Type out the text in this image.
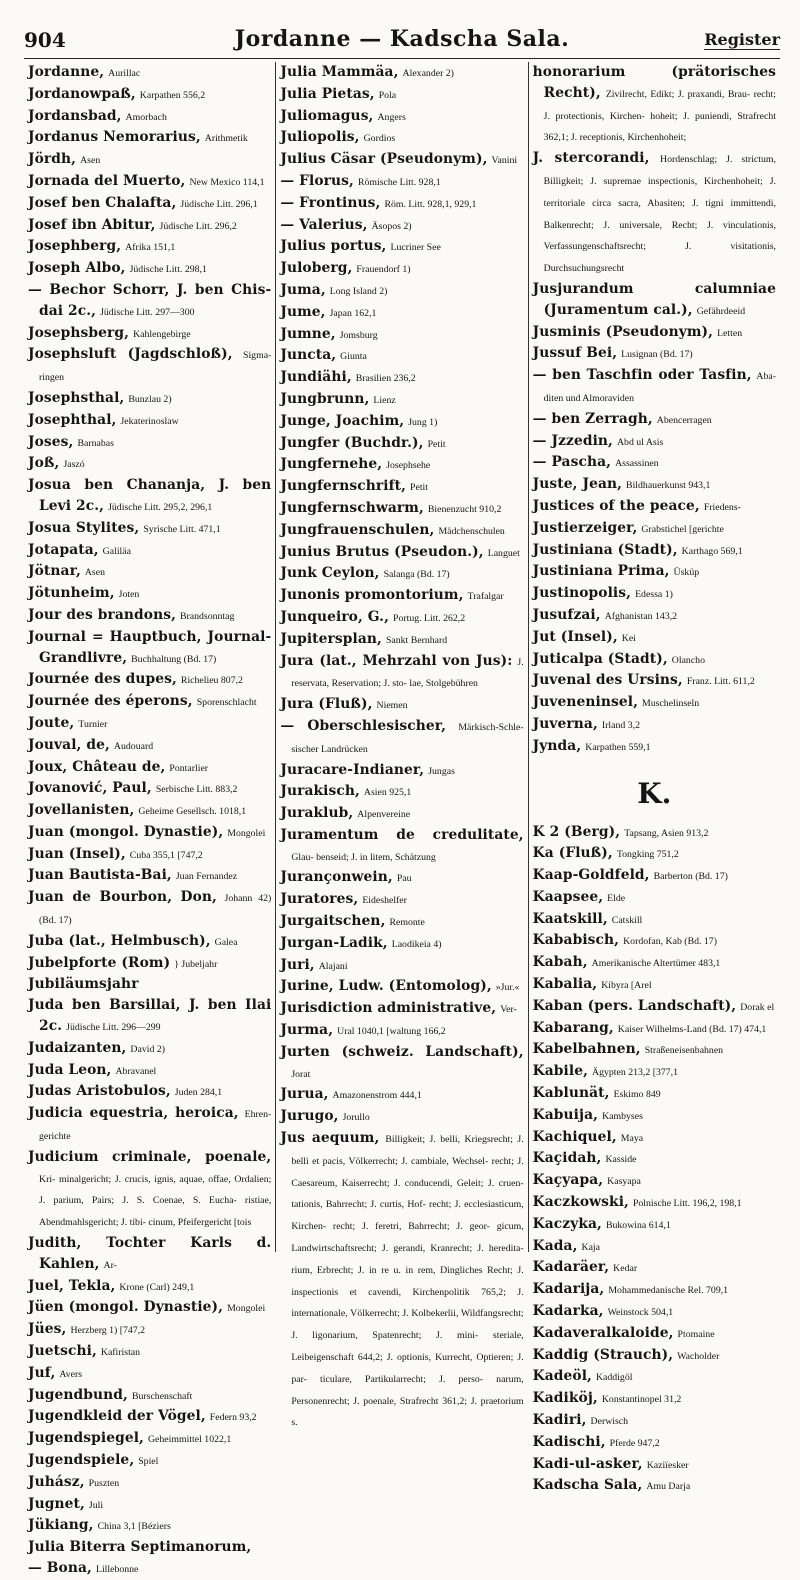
904	Jordanne — Kadscha Sala.	Register

Jordanne, Aurillac

Jordanowpaß, Karpathen 556,2

Jordansbad, Amorbach

Jordanus Nemorarius, Arithmetik

Jördh, Asen

Jornada del Muerto, New Mexico 114,1

Josef ben Chalafta, Jüdische Litt. 296,1

Josef ibn Abitur, Jüdische Litt. 296,2

Josephberg, Afrika 151,1

Joseph Albo, Jüdische Litt. 298,1

— Bechor Schorr, J. ben Chis- dai 2c., Jüdische Litt. 297—300

Josephsberg, Kahlengebirge

Josephsluft (Jagdschloß), Sigma- ringen

Josephsthal, Bunzlau 2)

Josephthal, Jekaterinoslaw

Joses, Barnabas

Joß, Jaszó

Josua ben Chananja, J. ben Levi 2c., Jüdische Litt. 295,2, 296,1

Josua Stylites, Syrische Litt. 471,1

Jotapata, Galiläa

Jötnar, Asen

Jötunheim, Joten

Jour des brandons, Brandsonntag

Journal = Hauptbuch, Journal- Grandlivre, Buchhaltung (Bd. 17)

Journée des dupes, Richelieu 807,2

Journée des éperons, Sporenschlacht

Joute, Turnier

Jouval, de, Audouard

Joux, Château de, Pontarlier

Jovanović, Paul, Serbische Litt. 883,2

Jovellanisten, Geheime Gesellsch. 1018,1

Juan (mongol. Dynastie), Mongolei

Juan (Insel), Cuba 355,1 [747,2

Juan Bautista-Bai, Juan Fernandez

Juan de Bourbon, Don, Johann 42) (Bd. 17)

Juba (lat., Helmbusch), Galea

Jubelpforte (Rom) } Jubeljahr

Jubiläumsjahr

Juda ben Barsillai, J. ben Ilai 2c. Jüdische Litt. 296—299

Judaizanten, David 2)

Juda Leon, Abravanel

Judas Aristobulos, Juden 284,1

Judicia equestria, heroica, Ehren- gerichte

Judicium criminale, poenale, Kri- minalgericht; J. crucis, ignis, aquae, offae, Ordalien; J. parium, Pairs; J. S. Coenae, S. Eucha- ristiae, Abendmahlsgericht; J. tibi- cinum, Pfeifergericht [tois

Judith, Tochter Karls d. Kahlen, Ar-

Juel, Tekla, Krone (Carl) 249,1

Jüen (mongol. Dynastie), Mongolei

Jües, Herzberg 1) [747,2

Juetschi, Kafiristan

Juf, Avers

Jugendbund, Burschenschaft

Jugendkleid der Vögel, Federn 93,2

Jugendspiegel, Geheimmittel 1022,1

Jugendspiele, Spiel

Juhász, Puszten

Jugnet, Juli

Jükiang, China 3,1 [Béziers

Julia Biterra Septimanorum,

— Bona, Lillebonne

Julia Mammäa, Alexander 2)

Julia Pietas, Pola

Juliomagus, Angers

Juliopolis, Gordios

Julius Cäsar (Pseudonym), Vanini

— Florus, Römische Litt. 928,1

— Frontinus, Röm. Litt. 928,1, 929,1

— Valerius, Äsopos 2)

Julius portus, Lucriner See

Juloberg, Frauendorf 1)

Juma, Long Island 2)

Jume, Japan 162,1

Jumne, Jomsburg

Juncta, Giunta

Jundiähi, Brasilien 236,2

Jungbrunn, Lienz

Junge, Joachim, Jung 1)

Jungfer (Buchdr.), Petit

Jungfernehe, Josephsehe

Jungfernschrift, Petit

Jungfernschwarm, Bienenzucht 910,2

Jungfrauenschulen, Mädchenschulen

Junius Brutus (Pseudon.), Languet

Junk Ceylon, Salanga (Bd. 17)

Junonis promontorium, Trafalgar

Junqueiro, G., Portug. Litt. 262,2

Jupitersplan, Sankt Bernhard

Jura (lat., Mehrzahl von Jus): J. reservata, Reservation; J. sto- lae, Stolgebühren

Jura (Fluß), Niemen

— Oberschlesischer, Märkisch-Schle- sischer Landrücken

Juracare-Indianer, Jungas

Jurakisch, Asien 925,1

Juraklub, Alpenvereine

Juramentum de credulitate, Glau- benseid; J. in litem, Schätzung

Jurançonwein, Pau

Juratores, Eideshelfer

Jurgaitschen, Remonte

Jurgan-Ladik, Laodikeia 4)

Juri, Alajani

Jurine, Ludw. (Entomolog), »Jur.«

Jurisdiction administrative, Ver-

Jurma, Ural 1040,1 [waltung 166,2

Jurten (schweiz. Landschaft), Jorat

Jurua, Amazonenstrom 444,1

Jurugo, Jorullo

Jus aequum, Billigkeit; J. belli, Kriegsrecht; J. belli et pacis, Völkerrecht; J. cambiale, Wechsel- recht; J. Caesareum, Kaiserrecht; J. conducendi, Geleit; J. cruen- tationis, Bahrrecht; J. curtis, Hof- recht; J. ecclesiasticum, Kirchen- recht; J. feretri, Bahrrecht; J. geor- gicum, Landwirtschaftsrecht; J. gerandi, Kranrecht; J. heredita- rium, Erbrecht; J. in re u. in rem, Dingliches Recht; J. inspectionis et cavendi, Kirchenpolitik 765,2; J. internationale, Völkerrecht; J. Kolbekerlii, Wildfangsrecht; J. ligonarium, Spatenrecht; J. mini- steriale, Leibeigenschaft 644,2; J. optionis, Kurrecht, Optieren; J. par- ticulare, Partikularrecht; J. perso- narum, Personenrecht; J. poenale, Strafrecht 361,2; J. praetorium s.

honorarium (prätorisches Recht), Zivilrecht, Edikt; J. praxandi, Brau- recht; J. protectionis, Kirchen- hoheit; J. puniendi, Strafrecht 362,1; J. receptionis, Kirchenhoheit;

J. stercorandi, Hordenschlag; J. strictum, Billigkeit; J. supremae inspectionis, Kirchenhoheit; J. territoriale circa sacra, Abasiten; J. tigni immittendi, Balkenrecht; J. universale, Recht; J. vinculationis, Verfassungenschaftsrecht; J. visitationis, Durchsuchungsrecht

Jusjurandum calumniae (Juramentum cal.), Gefährdeeid

Jusminis (Pseudonym), Letten

Jussuf Bei, Lusignan (Bd. 17)

— ben Taschfin oder Tasfin, Aba- diten und Almoraviden

— ben Zerragh, Abencerragen

— Jzzedin, Abd ul Asis

— Pascha, Assassinen

Juste, Jean, Bildhauerkunst 943,1

Justices of the peace, Friedens-

Justierzeiger, Grabstichel [gerichte

Justiniana (Stadt), Karthago 569,1

Justiniana Prima, Üsküp

Justinopolis, Edessa 1)

Jusufzai, Afghanistan 143,2

Jut (Insel), Kei

Juticalpa (Stadt), Olancho

Juvenal des Ursins, Franz. Litt. 611,2

Juveneninsel, Muschelinseln

Juverna, Irland 3,2

Jynda, Karpathen 559,1

K.

K 2 (Berg), Tapsang, Asien 913,2

Ka (Fluß), Tongking 751,2

Kaap-Goldfeld, Barberton (Bd. 17)

Kaapsee, Elde

Kaatskill, Catskill

Kababisch, Kordofan, Kab (Bd. 17)

Kabah, Amerikanische Altertümer 483,1

Kabalia, Kibyra [Arel

Kaban (pers. Landschaft), Dorak el

Kabarang, Kaiser Wilhelms-Land (Bd. 17) 474,1

Kabelbahnen, Straßeneisenbahnen

Kabile, Ägypten 213,2 [377,1

Kablunät, Eskimo 849

Kabuija, Kambyses

Kachiquel, Maya

Kaçidah, Kasside

Kaçyapa, Kasyapa

Kaczkowski, Polnische Litt. 196,2, 198,1

Kaczyka, Bukowina 614,1

Kada, Kaja

Kadaräer, Kedar

Kadarija, Mohammedanische Rel. 709,1

Kadarka, Weinstock 504,1

Kadaveralkaloide, Ptomaine

Kaddig (Strauch), Wacholder

Kadeöl, Kaddigöl

Kadiköj, Konstantinopel 31,2

Kadiri, Derwisch

Kadischi, Pferde 947,2

Kadi-ul-asker, Kaziïesker

Kadscha Sala, Amu Darja
